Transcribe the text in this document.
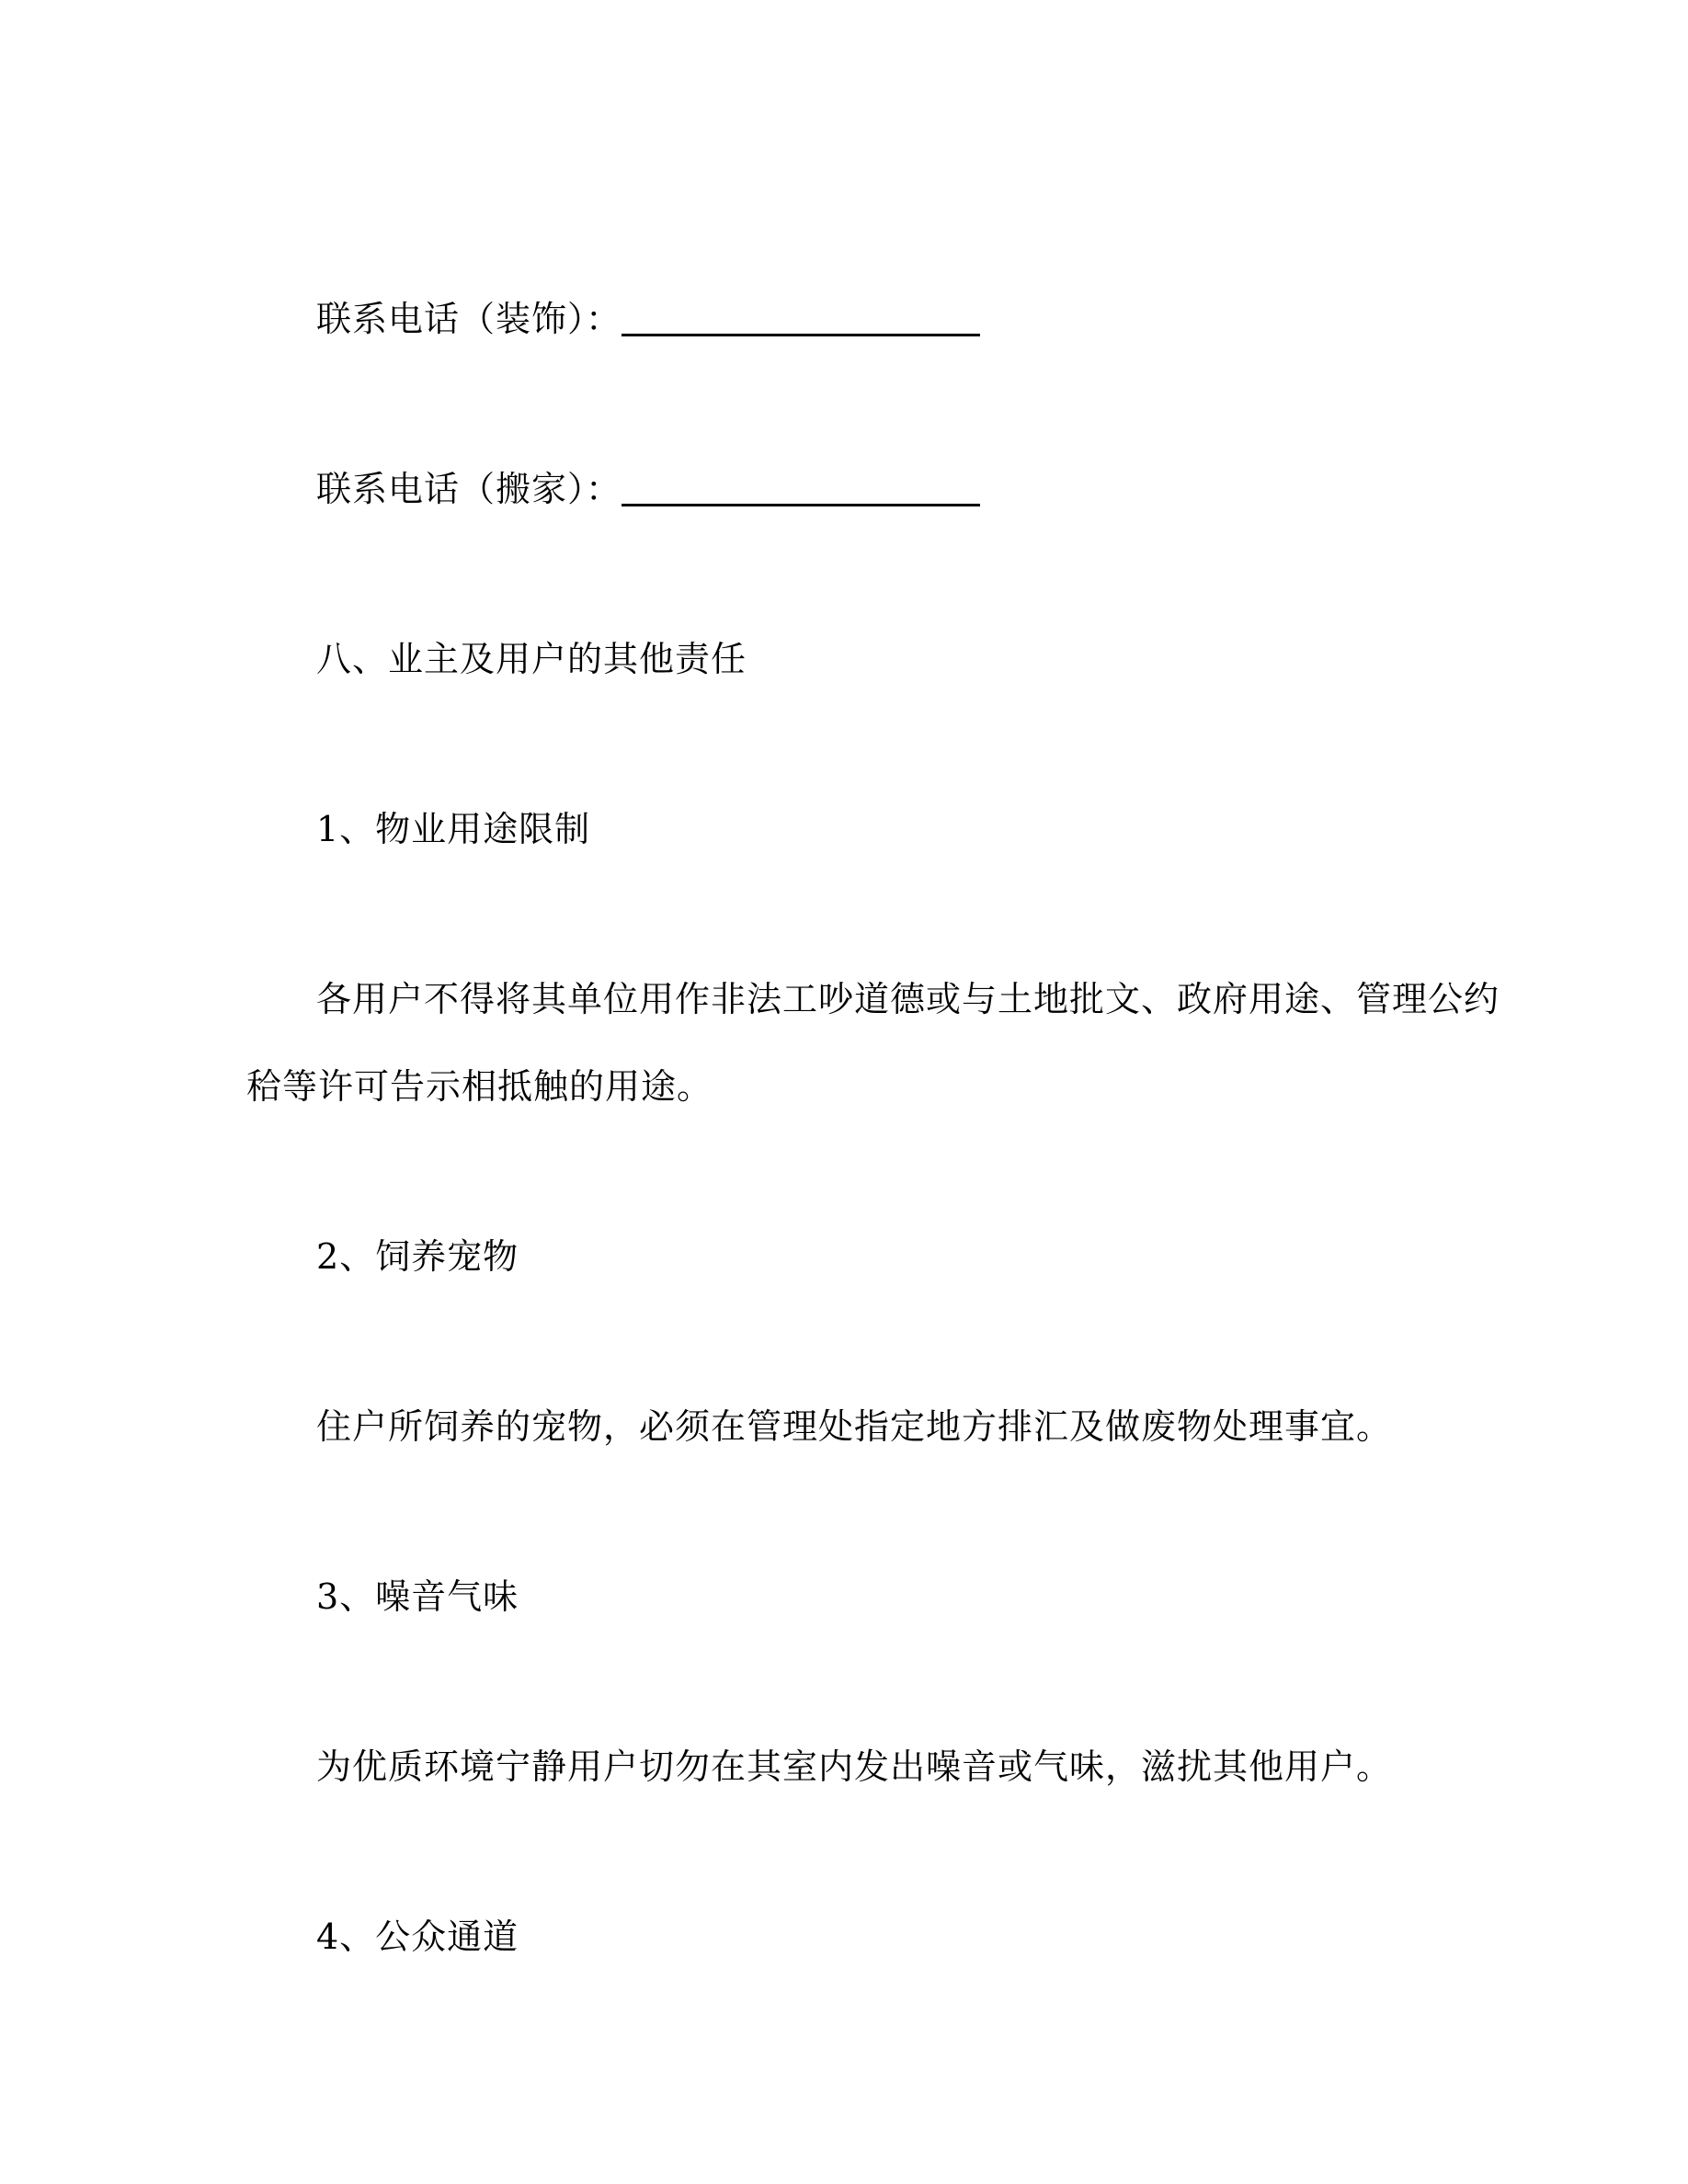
联系电话（装饰）：

联系电话（搬家）：

八、业主及用户的其他责任

1、物业用途限制

各用户不得将其单位用作非法工吵道德或与土地批文、政府用途、管理公约秴等许可告示相抵触的用途。

2、饲养宠物

住户所饲养的宠物，必须在管理处指定地方排汇及做废物处理事宜。

3、噪音气味

为优质环境宁静用户切勿在其室内发出噪音或气味，滋扰其他用户。

4、公众通道
